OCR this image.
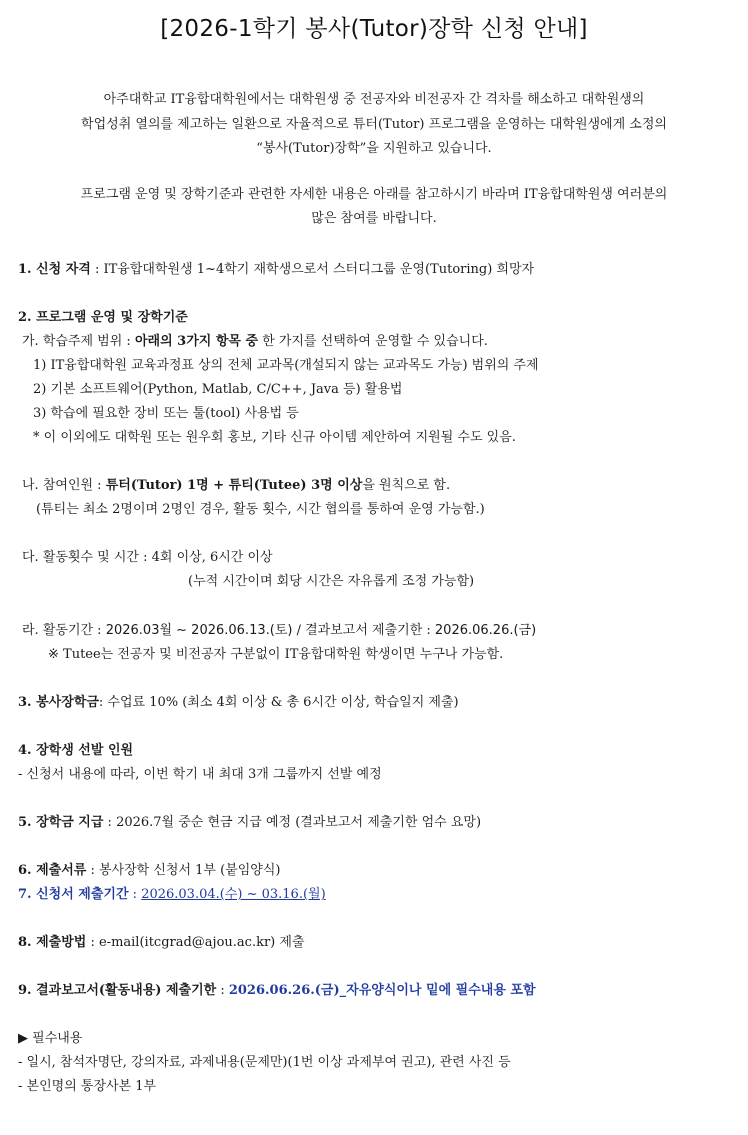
[2026-1학기 봉사(Tutor)장학 신청 안내]
아주대학교 IT융합대학원에서는 대학원생 중 전공자와 비전공자 간 격차를 해소하고 대학원생의
학업성취 열의를 제고하는 일환으로 자율적으로 튜터(Tutor) 프로그램을 운영하는 대학원생에게 소정의
“봉사(Tutor)장학”을 지원하고 있습니다.
프로그램 운영 및 장학기준과 관련한 자세한 내용은 아래를 참고하시기 바라며 IT융합대학원생 여러분의
많은 참여를 바랍니다.
1. 신청 자격 : IT융합대학원생 1~4학기 재학생으로서 스터디그룹 운영(Tutoring) 희망자
2. 프로그램 운영 및 장학기준
가. 학습주제 범위 : 아래의 3가지 항목 중 한 가지를 선택하여 운영할 수 있습니다.
1) IT융합대학원 교육과정표 상의 전체 교과목(개설되지 않는 교과목도 가능) 범위의 주제
2) 기본 소프트웨어(Python, Matlab, C/C++, Java 등) 활용법
3) 학습에 필요한 장비 또는 툴(tool) 사용법 등
* 이 이외에도 대학원 또는 원우회 홍보, 기타 신규 아이템 제안하여 지원될 수도 있음.
나. 참여인원 : 튜터(Tutor) 1명 + 튜티(Tutee) 3명 이상을 원칙으로 함.
(튜티는 최소 2명이며 2명인 경우, 활동 횟수, 시간 협의를 통하여 운영 가능함.)
다. 활동횟수 및 시간 : 4회 이상, 6시간 이상
(누적 시간이며 회당 시간은 자유롭게 조정 가능함)
라. 활동기간 : 2026.03월 ~ 2026.06.13.(토) / 결과보고서 제출기한 : 2026.06.26.(금)
※ Tutee는 전공자 및 비전공자 구분없이 IT융합대학원 학생이면 누구나 가능함.
3. 봉사장학금: 수업료 10% (최소 4회 이상 & 총 6시간 이상, 학습일지 제출)
4. 장학생 선발 인원
- 신청서 내용에 따라, 이번 학기 내 최대 3개 그룹까지 선발 예정
5. 장학금 지급 : 2026.7월 중순 현금 지급 예정 (결과보고서 제출기한 엄수 요망)
6. 제출서류 : 봉사장학 신청서 1부 (붙임양식)
7. 신청서 제출기간 : 2026.03.04.(수) ~ 03.16.(월)
8. 제출방법 : e-mail(itcgrad@ajou.ac.kr) 제출
9. 결과보고서(활동내용) 제출기한 : 2026.06.26.(금)_자유양식이나 밑에 필수내용 포함
▶ 필수내용
- 일시, 참석자명단, 강의자료, 과제내용(문제만)(1번 이상 과제부여 권고), 관련 사진 등
- 본인명의 통장사본 1부
